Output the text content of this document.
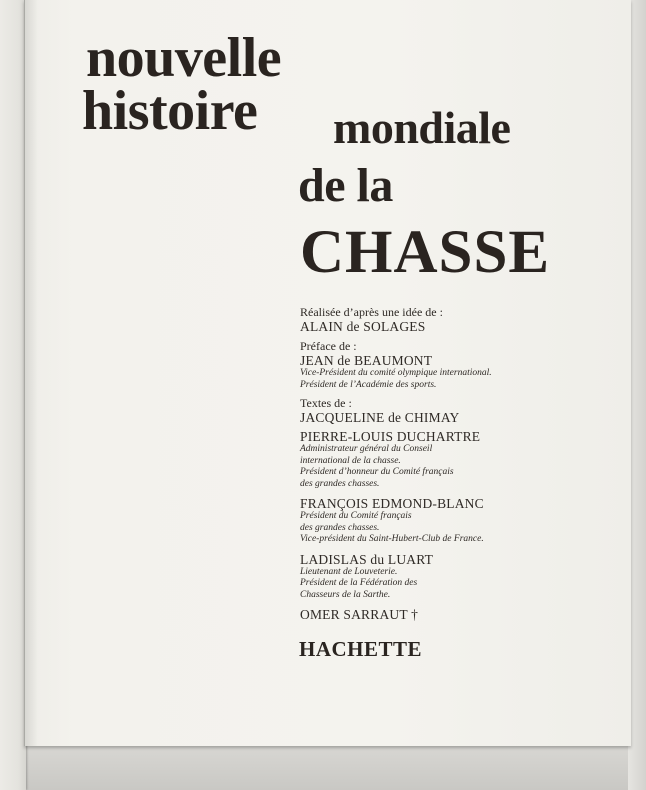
nouvelle
histoire mondiale
de la
CHASSE
Réalisée d’après une idée de :
ALAIN de SOLAGES
Préface de :
JEAN de BEAUMONT
Vice-Président du comité olympique international.
Président de l’Académie des sports.
Textes de :
JACQUELINE de CHIMAY
PIERRE-LOUIS DUCHARTRE
Administrateur général du Conseil
international de la chasse.
Président d’honneur du Comité français
des grandes chasses.
FRANÇOIS EDMOND-BLANC
Président du Comité français
des grandes chasses.
Vice-président du Saint-Hubert-Club de France.
LADISLAS du LUART
Lieutenant de Louveterie.
Président de la Fédération des
Chasseurs de la Sarthe.
OMER SARRAUT †
HACHETTE
